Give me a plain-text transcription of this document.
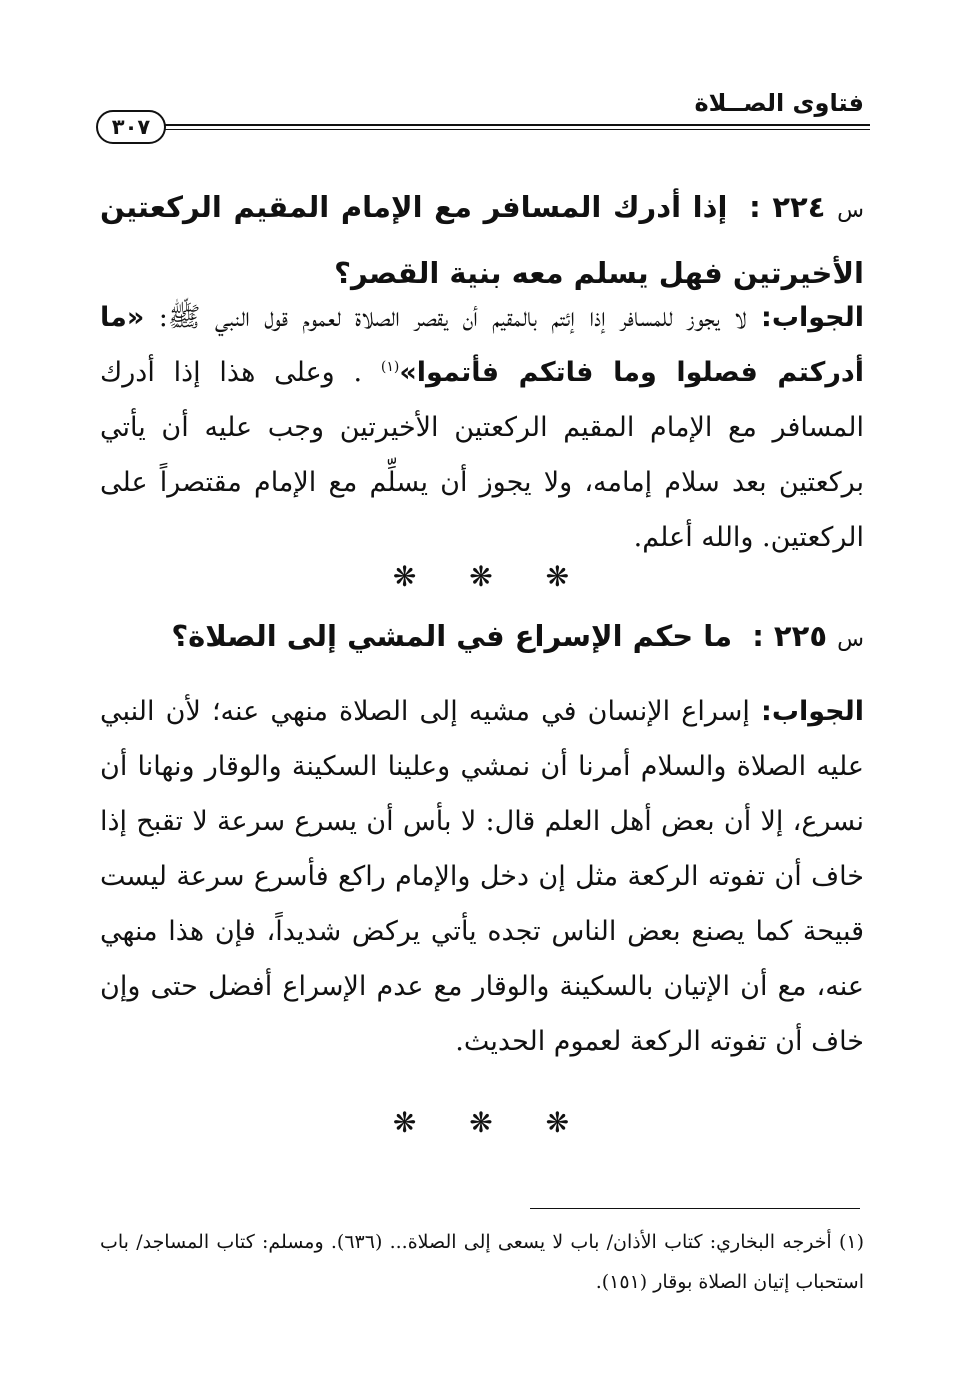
فتاوى الصــلاة
٣٠٧
س ٢٢٤ : إذا أدرك المسافر مع الإمام المقيم الركعتين الأخيرتين فهل يسلم معه بنية القصر؟
الجواب: لا يجوز للمسافر إذا إئتم بالمقيم أن يقصر الصلاة لعموم قول النبي ﷺ: «ما أدركتم فصلوا وما فاتكم فأتموا»$^{(١)}$ . وعلى هذا إذا أدرك المسافر مع الإمام المقيم الركعتين الأخيرتين وجب عليه أن يأتي بركعتين بعد سلام إمامه، ولا يجوز أن يسلِّم مع الإمام مقتصراً على الركعتين. والله أعلم.
❋ ❋ ❋
س ٢٢٥ : ما حكم الإسراع في المشي إلى الصلاة؟
الجواب: إسراع الإنسان في مشيه إلى الصلاة منهي عنه؛ لأن النبي عليه الصلاة والسلام أمرنا أن نمشي وعلينا السكينة والوقار ونهانا أن نسرع، إلا أن بعض أهل العلم قال: لا بأس أن يسرع سرعة لا تقبح إذا خاف أن تفوته الركعة مثل إن دخل والإمام راكع فأسرع سرعة ليست قبيحة كما يصنع بعض الناس تجده يأتي يركض شديداً، فإن هذا منهي عنه، مع أن الإتيان بالسكينة والوقار مع عدم الإسراع أفضل حتى وإن خاف أن تفوته الركعة لعموم الحديث.
❋ ❋ ❋
(١) أخرجه البخاري: كتاب الأذان/ باب لا يسعى إلى الصلاة... (٦٣٦). ومسلم: كتاب المساجد/ باب استحباب إتيان الصلاة بوقار (١٥١).
